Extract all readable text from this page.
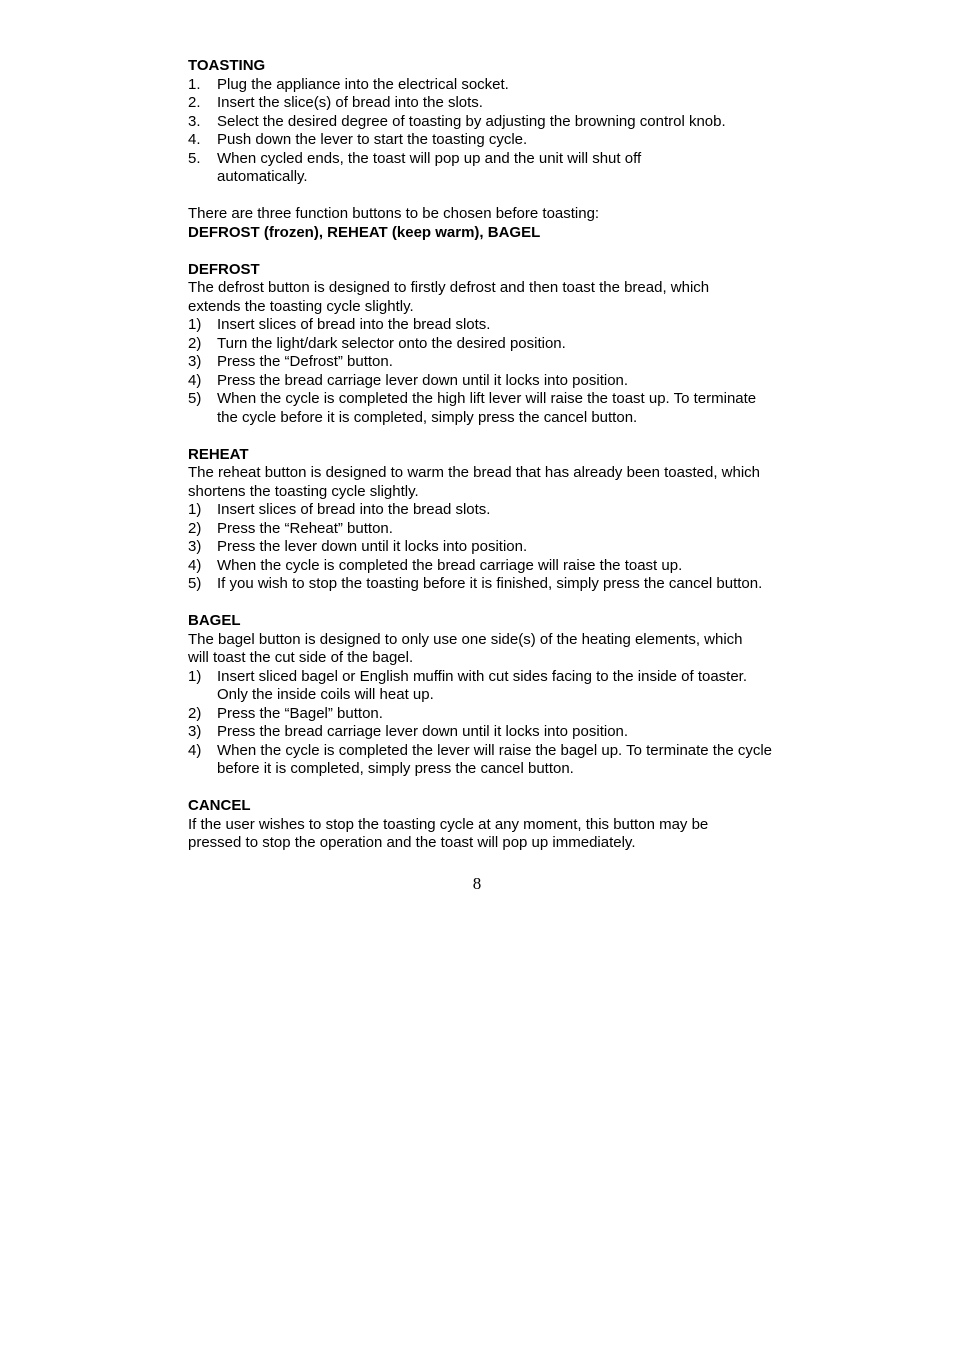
TOASTING

1. Plug the appliance into the electrical socket.
2. Insert the slice(s) of bread into the slots.
3. Select the desired degree of toasting by adjusting the browning control knob.
4. Push down the lever to start the toasting cycle.
5. When cycled ends, the toast will pop up and the unit will shut off automatically.

There are three function buttons to be chosen before toasting:

DEFROST (frozen), REHEAT (keep warm), BAGEL

DEFROST

The defrost button is designed to firstly defrost and then toast the bread, which extends the toasting cycle slightly.

1) Insert slices of bread into the bread slots.
2) Turn the light/dark selector onto the desired position.
3) Press the “Defrost” button.
4) Press the bread carriage lever down until it locks into position.
5) When the cycle is completed the high lift lever will raise the toast up. To terminate the cycle before it is completed, simply press the cancel button.

REHEAT

The reheat button is designed to warm the bread that has already been toasted, which shortens the toasting cycle slightly.

1) Insert slices of bread into the bread slots.
2) Press the “Reheat” button.
3) Press the lever down until it locks into position.
4) When the cycle is completed the bread carriage will raise the toast up.
5) If you wish to stop the toasting before it is finished, simply press the cancel button.

BAGEL

The bagel button is designed to only use one side(s) of the heating elements, which will toast the cut side of the bagel.

1) Insert sliced bagel or English muffin with cut sides facing to the inside of toaster. Only the inside coils will heat up.
2) Press the “Bagel” button.
3) Press the bread carriage lever down until it locks into position.
4) When the cycle is completed the lever will raise the bagel up. To terminate the cycle before it is completed, simply press the cancel button.

CANCEL

If the user wishes to stop the toasting cycle at any moment, this button may be pressed to stop the operation and the toast will pop up immediately.

8
